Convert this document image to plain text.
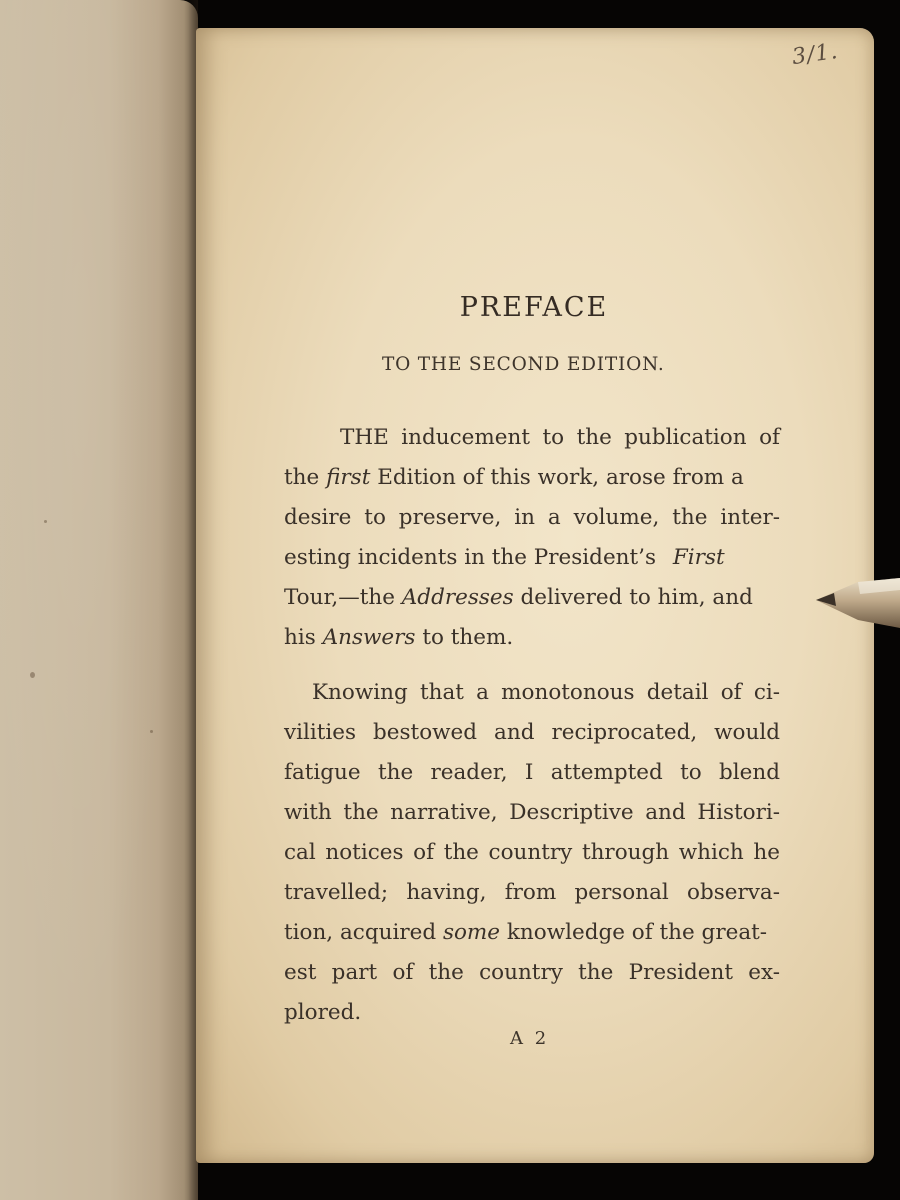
3/1.
PREFACE
TO THE SECOND EDITION.
THE inducement to the publication of
the first Edition of this work, arose from a
desire to preserve, in a volume, the inter-
esting incidents in the President’s First
Tour,—the Addresses delivered to him, and
his Answers to them.
Knowing that a monotonous detail of ci-
vilities bestowed and reciprocated, would
fatigue the reader, I attempted to blend
with the narrative, Descriptive and Histori-
cal notices of the country through which he
travelled; having, from personal observa-
tion, acquired some knowledge of the great-
est part of the country the President ex-
plored.
A 2
